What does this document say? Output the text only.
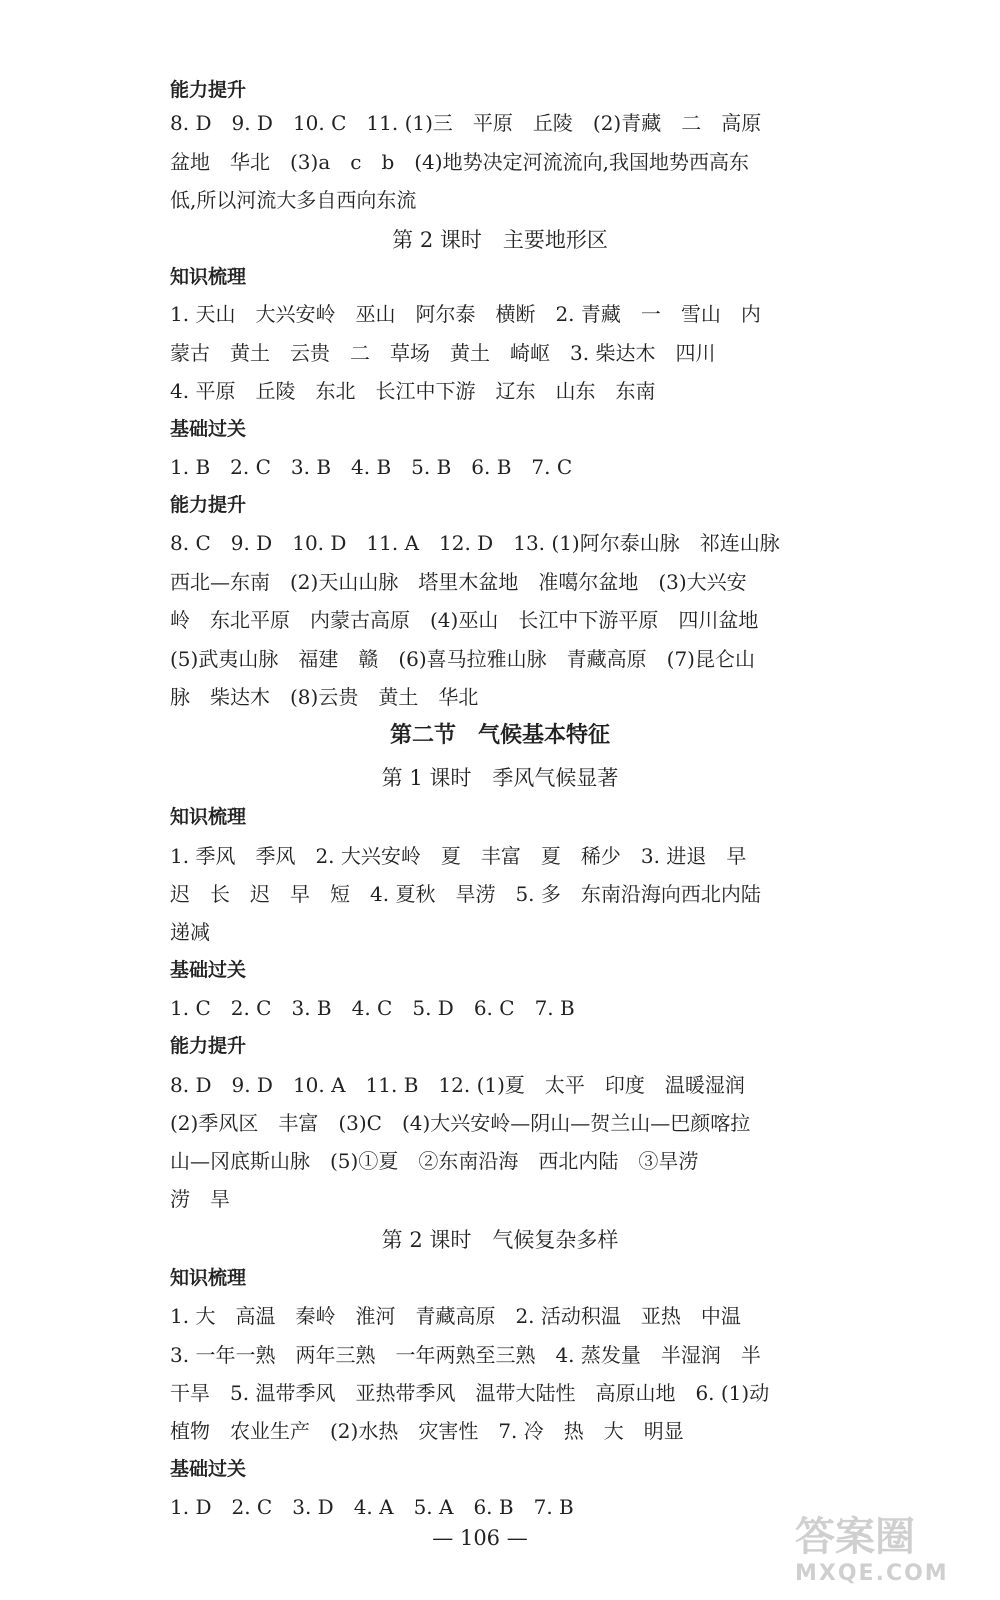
能力提升
8. D　9. D　10. C　11. (1)三　平原　丘陵　(2)青藏　二　高原
盆地　华北　(3)a　c　b　(4)地势决定河流流向,我国地势西高东
低,所以河流大多自西向东流
第 2 课时　主要地形区
知识梳理
1. 天山　大兴安岭　巫山　阿尔泰　横断　2. 青藏　一　雪山　内
蒙古　黄土　云贵　二　草场　黄土　崎岖　3. 柴达木　四川
4. 平原　丘陵　东北　长江中下游　辽东　山东　东南
基础过关
1. B　2. C　3. B　4. B　5. B　6. B　7. C
能力提升
8. C　9. D　10. D　11. A　12. D　13. (1)阿尔泰山脉　祁连山脉
西北—东南　(2)天山山脉　塔里木盆地　准噶尔盆地　(3)大兴安
岭　东北平原　内蒙古高原　(4)巫山　长江中下游平原　四川盆地
(5)武夷山脉　福建　赣　(6)喜马拉雅山脉　青藏高原　(7)昆仑山
脉　柴达木　(8)云贵　黄土　华北
第二节　气候基本特征
第 1 课时　季风气候显著
知识梳理
1. 季风　季风　2. 大兴安岭　夏　丰富　夏　稀少　3. 进退　早
迟　长　迟　早　短　4. 夏秋　旱涝　5. 多　东南沿海向西北内陆
递减
基础过关
1. C　2. C　3. B　4. C　5. D　6. C　7. B
能力提升
8. D　9. D　10. A　11. B　12. (1)夏　太平　印度　温暖湿润
(2)季风区　丰富　(3)C　(4)大兴安岭—阴山—贺兰山—巴颜喀拉
山—冈底斯山脉　(5)①夏　②东南沿海　西北内陆　③旱涝
涝　旱
第 2 课时　气候复杂多样
知识梳理
1. 大　高温　秦岭　淮河　青藏高原　2. 活动积温　亚热　中温
3. 一年一熟　两年三熟　一年两熟至三熟　4. 蒸发量　半湿润　半
干旱　5. 温带季风　亚热带季风　温带大陆性　高原山地　6. (1)动
植物　农业生产　(2)水热　灾害性　7. 冷　热　大　明显
基础过关
1. D　2. C　3. D　4. A　5. A　6. B　7. B
— 106 —	答案圈
MXQE.COM
